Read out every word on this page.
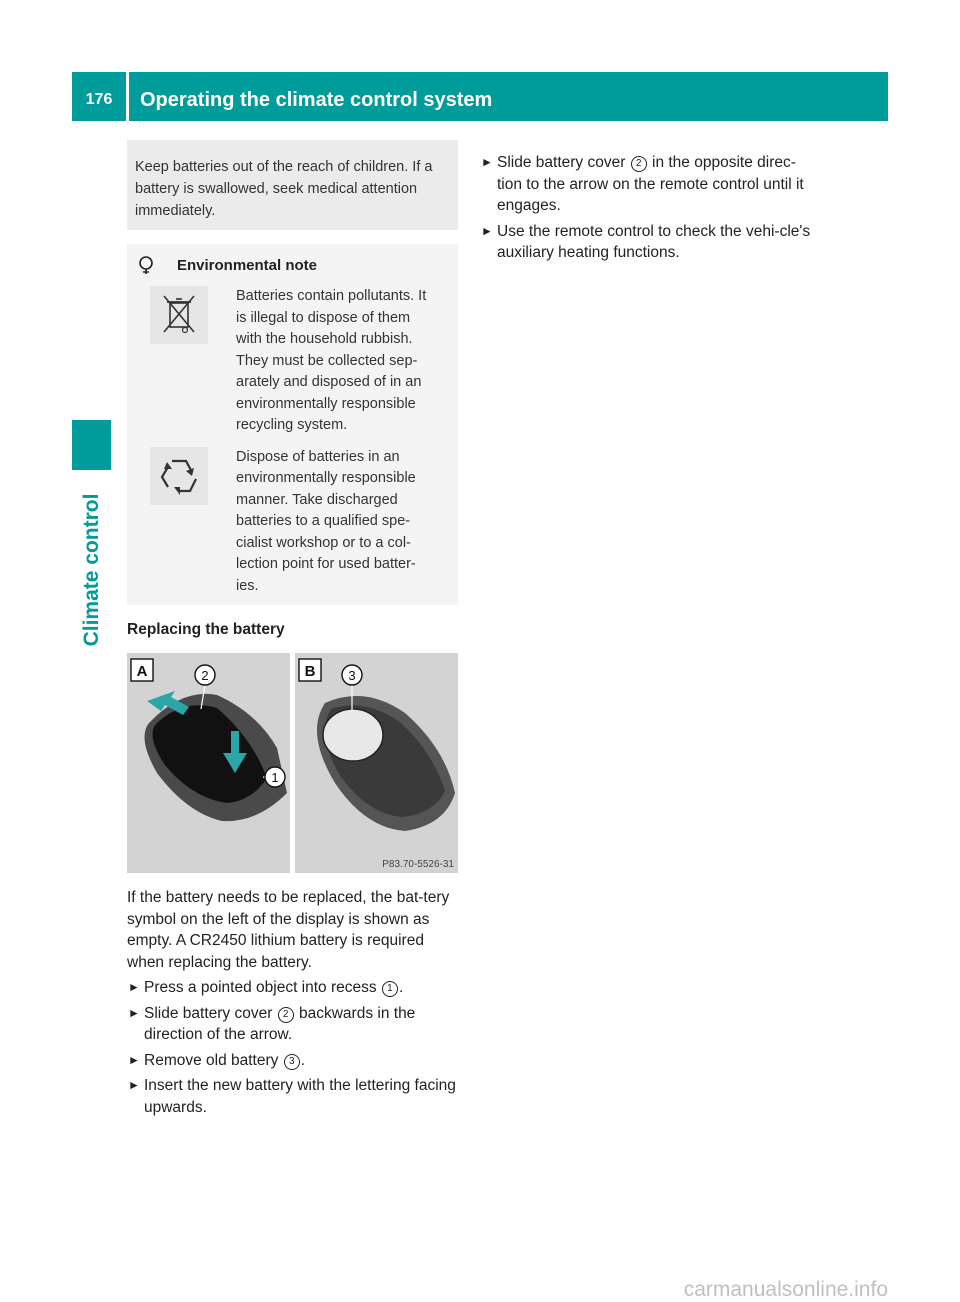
176	Operating the climate control system
Climate control
Keep batteries out of the reach of children. If a battery is swallowed, seek medical attention immediately.
Environmental note
Batteries contain pollutants. It is illegal to dispose of them with the household rubbish. They must be collected sep-arately and disposed of in an environmentally responsible recycling system.
Dispose of batteries in an environmentally responsible manner. Take discharged batteries to a qualified spe-cialist workshop or to a col-lection point for used batter-ies.
Replacing the battery
A	2
1
B	3
P83.70-5526-31
If the battery needs to be replaced, the bat-tery symbol on the left of the display is shown as empty. A CR2450 lithium battery is required when replacing the battery.
► Press a pointed object into recess 1 .
► Slide battery cover 2 backwards in the direction of the arrow.
► Remove old battery 3 .
► Insert the new battery with the lettering facing upwards.
► Slide battery cover 2 in the opposite direc-tion to the arrow on the remote control until it engages.
► Use the remote control to check the vehi-cle's auxiliary heating functions.
carmanualsonline.info
